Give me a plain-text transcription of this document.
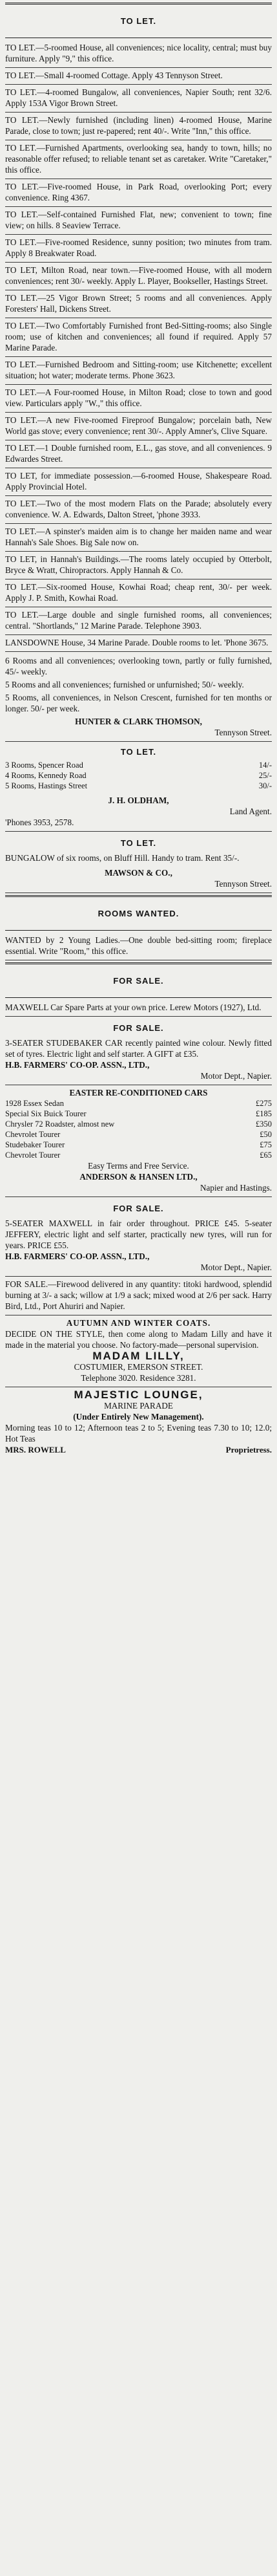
TO LET.
TO LET.—5-roomed House, all conveniences; nice locality, central; must buy furniture. Apply "9," this office.
TO LET.—Small 4-roomed Cottage. Apply 43 Tennyson Street.
TO LET.—4-roomed Bungalow, all conveniences, Napier South; rent 32/6. Apply 153A Vigor Brown Street.
TO LET.—Newly furnished (including linen) 4-roomed House, Marine Parade, close to town; just re-papered; rent 40/-. Write "Inn," this office.
TO LET.—Furnished Apartments, overlooking sea, handy to town, hills; no reasonable offer refused; to reliable tenant set as caretaker. Write "Caretaker," this office.
TO LET.—Five-roomed House, in Park Road, overlooking Port; every convenience. Ring 4367.
TO LET.—Self-contained Furnished Flat, new; convenient to town; fine view; on hills. 8 Seaview Terrace.
TO LET.—Five-roomed Residence, sunny position; two minutes from tram. Apply 8 Breakwater Road.
TO LET, Milton Road, near town.—Five-roomed House, with all modern conveniences; rent 30/- weekly. Apply L. Player, Bookseller, Hastings Street.
TO LET.—25 Vigor Brown Street; 5 rooms and all conveniences. Apply Foresters' Hall, Dickens Street.
TO LET.—Two Comfortably Furnished front Bed-Sitting-rooms; also Single room; use of kitchen and conveniences; all found if required. Apply 57 Marine Parade.
TO LET.—Furnished Bedroom and Sitting-room; use Kitchenette; excellent situation; hot water; moderate terms. Phone 3623.
TO LET.—A Four-roomed House, in Milton Road; close to town and good view. Particulars apply "W.," this office.
TO LET.—A new Five-roomed Fireproof Bungalow; porcelain bath, New World gas stove; every convenience; rent 30/-. Apply Amner's, Clive Square.
TO LET.—1 Double furnished room, E.L., gas stove, and all conveniences. 9 Edwardes Street.
TO LET, for immediate possession.—6-roomed House, Shakespeare Road. Apply Provincial Hotel.
TO LET.—Two of the most modern Flats on the Parade; absolutely every convenience. W. A. Edwards, Dalton Street, 'phone 3933.
TO LET.—A spinster's maiden aim is to change her maiden name and wear Hannah's Sale Shoes. Big Sale now on.
TO LET, in Hannah's Buildings.—The rooms lately occupied by Otterbolt, Bryce & Wratt, Chiropractors. Apply Hannah & Co.
TO LET.—Six-roomed House, Kowhai Road; cheap rent, 30/- per week. Apply J. P. Smith, Kowhai Road.
TO LET.—Large double and single furnished rooms, all conveniences; central. "Shortlands," 12 Marine Parade. Telephone 3903.
LANSDOWNE House, 34 Marine Parade. Double rooms to let. 'Phone 3675.
6 Rooms and all conveniences; overlooking town, partly or fully furnished, 45/- weekly.
5 Rooms and all conveniences; furnished or unfurnished; 50/- weekly.
5 Rooms, all conveniences, in Nelson Crescent, furnished for ten months or longer. 50/- per week.
HUNTER & CLARK THOMSON,
Tennyson Street.
TO LET.
3 Rooms, Spencer Road	14/-
4 Rooms, Kennedy Road	25/-
5 Rooms, Hastings Street	30/-
J. H. OLDHAM,
Land Agent.
'Phones 3953, 2578.
TO LET.
BUNGALOW of six rooms, on Bluff Hill. Handy to tram. Rent 35/-.
MAWSON & CO.,
Tennyson Street.
ROOMS WANTED.
WANTED by 2 Young Ladies.—One double bed-sitting room; fireplace essential. Write "Room," this office.
FOR SALE.
MAXWELL Car Spare Parts at your own price. Lerew Motors (1927), Ltd.
FOR SALE.
3-SEATER STUDEBAKER CAR recently painted wine colour. Newly fitted set of tyres. Electric light and self starter. A GIFT at £35.
H.B. FARMERS' CO-OP. ASSN., LTD.,
Motor Dept., Napier.
EASTER RE-CONDITIONED CARS
1928 Essex Sedan	£275
Special Six Buick Tourer	£185
Chrysler 72 Roadster, almost new	£350
Chevrolet Tourer	£50
Studebaker Tourer	£75
Chevrolet Tourer	£65
Easy Terms and Free Service.
ANDERSON & HANSEN LTD.,
Napier and Hastings.
FOR SALE.
5-SEATER MAXWELL in fair order throughout. PRICE £45. 5-seater JEFFERY, electric light and self starter, practically new tyres, will run for years. PRICE £55.
H.B. FARMERS' CO-OP. ASSN., LTD.,
Motor Dept., Napier.
FOR SALE.—Firewood delivered in any quantity: titoki hardwood, splendid burning at 3/- a sack; willow at 1/9 a sack; mixed wood at 2/6 per sack. Harry Bird, Ltd., Port Ahuriri and Napier.
AUTUMN AND WINTER COATS.
DECIDE ON THE STYLE, then come along to Madam Lilly and have it made in the material you choose. No factory-made—personal supervision.
MADAM LILLY,
COSTUMIER, EMERSON STREET.
Telephone 3020. Residence 3281.
MAJESTIC LOUNGE,
MARINE PARADE
(Under Entirely New Management).
Morning teas 10 to 12; Afternoon teas 2 to 5; Evening teas 7.30 to 10; 12.0; Hot Teas
MRS. ROWELL	Proprietress.
